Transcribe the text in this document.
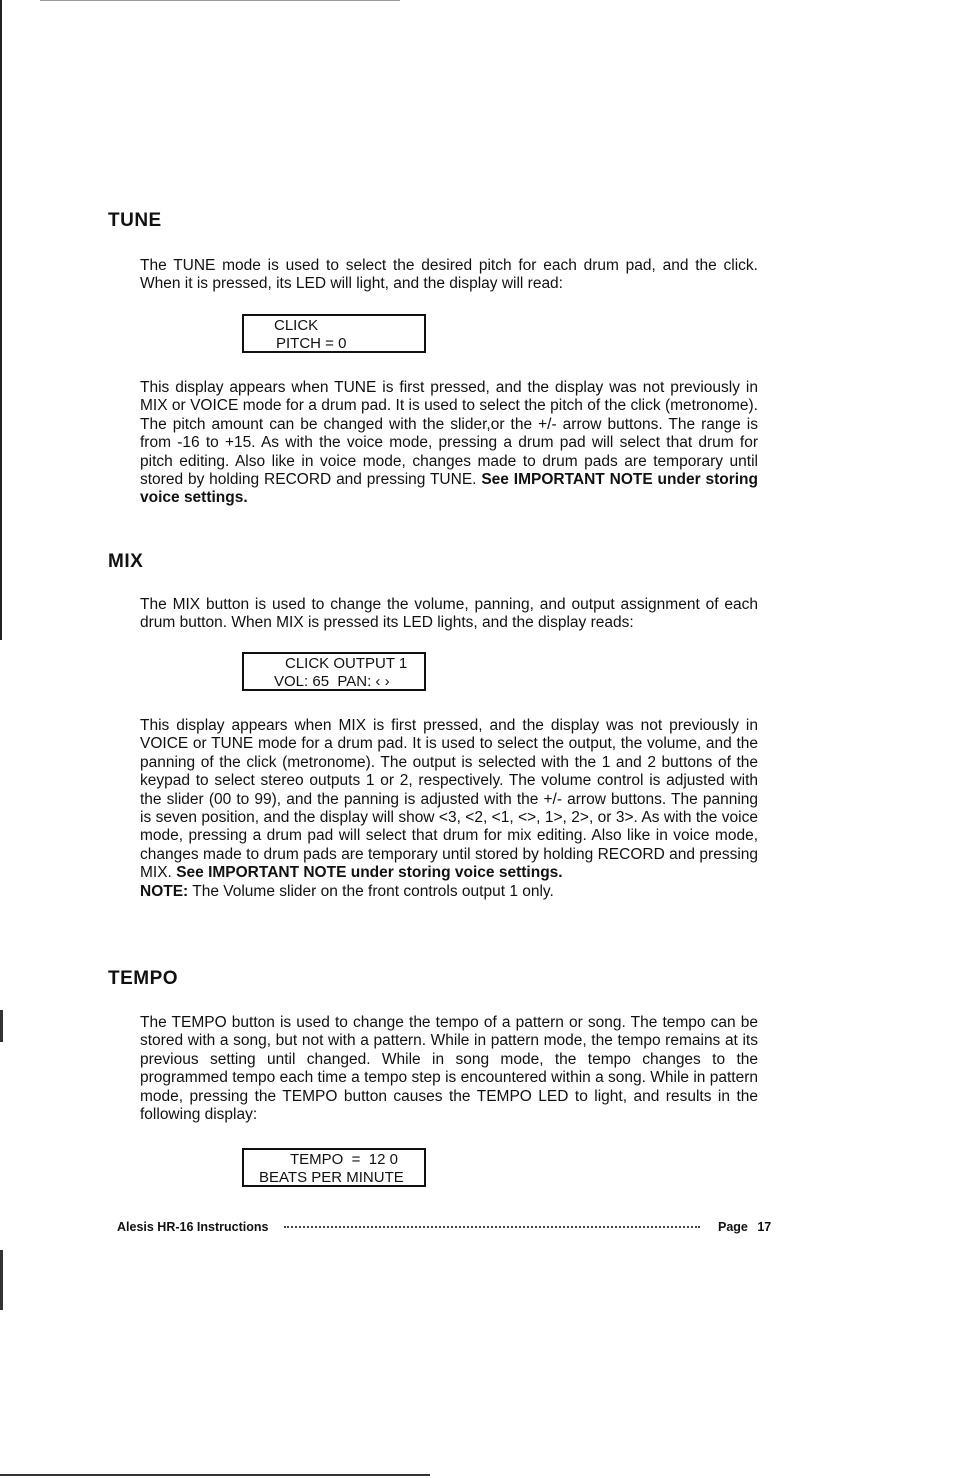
TUNE

The TUNE mode is used to select the desired pitch for each drum pad, and the click. When it is pressed, its LED will light, and the display will read:

CLICK
PITCH = 0

This display appears when TUNE is first pressed, and the display was not previously in MIX or VOICE mode for a drum pad. It is used to select the pitch of the click (metronome). The pitch amount can be changed with the slider,or the +/- arrow buttons. The range is from -16 to +15. As with the voice mode, pressing a drum pad will select that drum for pitch editing. Also like in voice mode, changes made to drum pads are temporary until stored by holding RECORD and pressing TUNE. See IMPORTANT NOTE under storing voice settings.

MIX

The MIX button is used to change the volume, panning, and output assignment of each drum button. When MIX is pressed its LED lights, and the display reads:

CLICK OUTPUT 1
VOL: 65  PAN: ‹ ›

This display appears when MIX is first pressed, and the display was not previously in VOICE or TUNE mode for a drum pad. It is used to select the output, the volume, and the panning of the click (metronome). The output is selected with the 1 and 2 buttons of the keypad to select stereo outputs 1 or 2, respectively. The volume control is adjusted with the slider (00 to 99), and the panning is adjusted with the +/- arrow buttons. The panning is seven position, and the display will show <3, <2, <1, <>, 1>, 2>, or 3>. As with the voice mode, pressing a drum pad will select that drum for mix editing. Also like in voice mode, changes made to drum pads are temporary until stored by holding RECORD and pressing MIX. See IMPORTANT NOTE under storing voice settings.
NOTE: The Volume slider on the front controls output 1 only.

TEMPO

The TEMPO button is used to change the tempo of a pattern or song. The tempo can be stored with a song, but not with a pattern. While in pattern mode, the tempo remains at its previous setting until changed. While in song mode, the tempo changes to the programmed tempo each time a tempo step is encountered within a song. While in pattern mode, pressing the TEMPO button causes the TEMPO LED to light, and results in the following display:

TEMPO  =  12 0
BEATS PER MINUTE
Alesis HR-16 Instructions	Page 17
